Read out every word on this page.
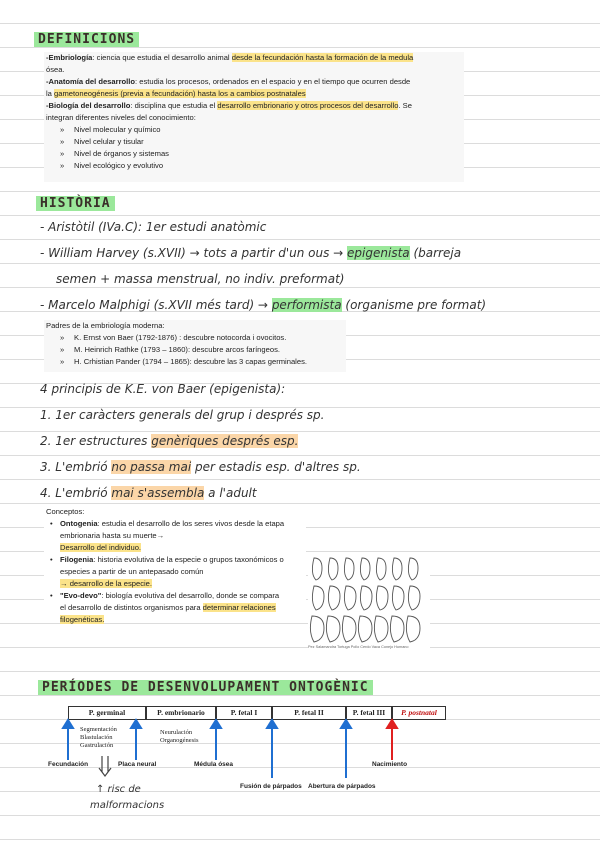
DEFINICIONS
-Embriología: ciencia que estudia el desarrollo animal desde la fecundación hasta la formación de la medula
ósea.
-Anatomía del desarrollo: estudia los procesos, ordenados en el espacio y en el tiempo que ocurren desde
la gametoneogénesis (previa a fecundación) hasta los a cambios postnatales
-Biología del desarrollo: disciplina que estudia el desarrollo embrionario y otros procesos del desarrollo. Se
integran diferentes niveles del conocimiento:
» Nivel molecular y químico
» Nivel celular y tisular
» Nivel de órganos y sistemas
» Nivel ecológico y evolutivo
HISTÒRIA
- Aristòtil (IVa.C): 1er estudi anatòmic
- William Harvey (s.XVII) → tots a partir d'un ous → epigenista (barreja
semen + massa menstrual, no indiv. preformat)
- Marcelo Malphigi (s.XVII més tard) → performista (organisme pre format)
Padres de la embriología moderna:
» K. Ernst von Baer (1792-1876) : descubre notocorda i ovocitos.
» M. Heinrich Rathke (1793 – 1860): descubre arcos faríngeos.
» H. Crhistian Pander (1794 – 1865): descubre las 3 capas germinales.
4 principis de K.E. von Baer (epigenista):
1. 1er caràcters generals del grup i després sp.
2. 1er estructures genèriques després esp.
3. L'embrió no passa mai per estadis esp. d'altres sp.
4. L'embrió mai s'assembla a l'adult
Conceptos:
• Ontogenia: estudia el desarrollo de los seres vivos desde la etapa embrionaria hasta su muerte→
Desarrollo del individuo.
• Filogenia: historia evolutiva de la especie o grupos taxonómicos o especies a partir de un antepasado común
→ desarrollo de la especie.
• "Evo-devo": biología evolutiva del desarrollo, donde se compara
el desarrollo de distintos organismos para determinar relaciones
filogenéticas.
Pez Salamandra Tortuga Pollo Cerdo Vaca Conejo Humano
PERÍODES DE DESENVOLUPAMENT ONTOGÈNIC
P. germinal	P. embrionario	P. fetal I	P. fetal II	P. fetal III	P. postnatal
Segmentación
Blastulación
Gastrulación
Neurulación
Organogénesis
Fecundación	Placa neural	Médula ósea
Fusión de párpados Abertura de párpados
Nacimiento
↑ risc de
malformacions
